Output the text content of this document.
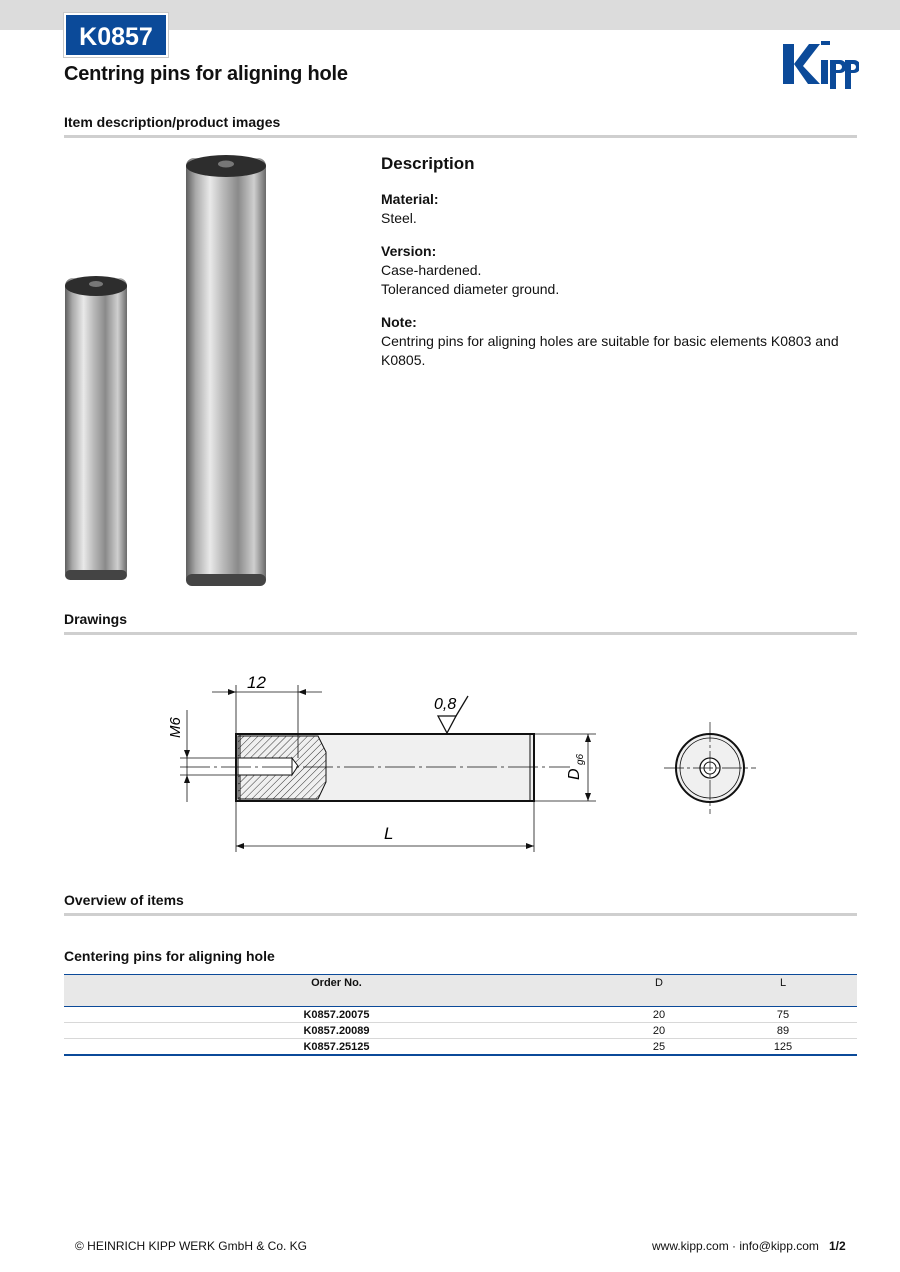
K0857
Centring pins for aligning hole
Item description/product images
Description
Material:
Steel.
Version:
Case-hardened.
Toleranced diameter ground.
Note:
Centring pins for aligning holes are suitable for basic elements K0803 and K0805.
Drawings
12
M6
0,8
D
g6
L
Overview of items
Centering pins for aligning hole
Order No.	D	L
K0857.20075	20	75
K0857.20089	20	89
K0857.25125	25	125
© HEINRICH KIPP WERK GmbH & Co. KG	www.kipp.com · info@kipp.com 1/2
